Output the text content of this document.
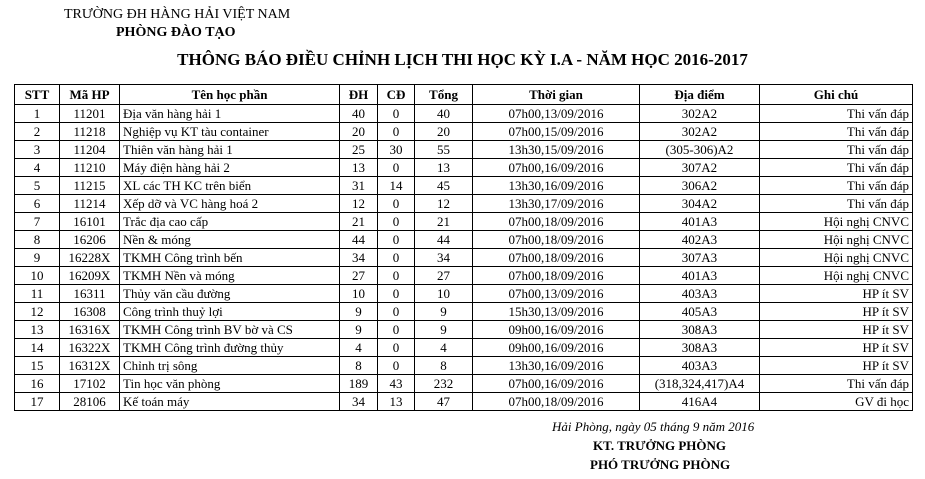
TRƯỜNG ĐH HÀNG HẢI VIỆT NAM
PHÒNG ĐÀO TẠO
THÔNG BÁO ĐIỀU CHỈNH LỊCH THI HỌC KỲ I.A - NĂM HỌC 2016-2017
STT	Mã HP	Tên học phần	ĐH	CĐ	Tổng	Thời gian	Địa điểm	Ghi chú
1	11201	Địa văn hàng hải 1	40	0	40	07h00,13/09/2016	302A2	Thi vấn đáp
2	11218	Nghiệp vụ KT tàu container	20	0	20	07h00,15/09/2016	302A2	Thi vấn đáp
3	11204	Thiên văn hàng hải 1	25	30	55	13h30,15/09/2016	(305-306)A2	Thi vấn đáp
4	11210	Máy điện hàng hải 2	13	0	13	07h00,16/09/2016	307A2	Thi vấn đáp
5	11215	XL các TH KC trên biển	31	14	45	13h30,16/09/2016	306A2	Thi vấn đáp
6	11214	Xếp dỡ và VC hàng hoá 2	12	0	12	13h30,17/09/2016	304A2	Thi vấn đáp
7	16101	Trắc địa cao cấp	21	0	21	07h00,18/09/2016	401A3	Hội nghị CNVC
8	16206	Nền & móng	44	0	44	07h00,18/09/2016	402A3	Hội nghị CNVC
9	16228X	TKMH Công trình bến	34	0	34	07h00,18/09/2016	307A3	Hội nghị CNVC
10	16209X	TKMH Nền và móng	27	0	27	07h00,18/09/2016	401A3	Hội nghị CNVC
11	16311	Thủy văn cầu đường	10	0	10	07h00,13/09/2016	403A3	HP ít SV
12	16308	Công trình thuỷ lợi	9	0	9	15h30,13/09/2016	405A3	HP ít SV
13	16316X	TKMH Công trình BV bờ và CS	9	0	9	09h00,16/09/2016	308A3	HP ít SV
14	16322X	TKMH Công trình đường thủy	4	0	4	09h00,16/09/2016	308A3	HP ít SV
15	16312X	Chỉnh trị sông	8	0	8	13h30,16/09/2016	403A3	HP ít SV
16	17102	Tin học văn phòng	189	43	232	07h00,16/09/2016	(318,324,417)A4	Thi vấn đáp
17	28106	Kế toán máy	34	13	47	07h00,18/09/2016	416A4	GV đi học
Hải Phòng, ngày 05 tháng 9 năm 2016
KT. TRƯỞNG PHÒNG
PHÓ TRƯỞNG PHÒNG
